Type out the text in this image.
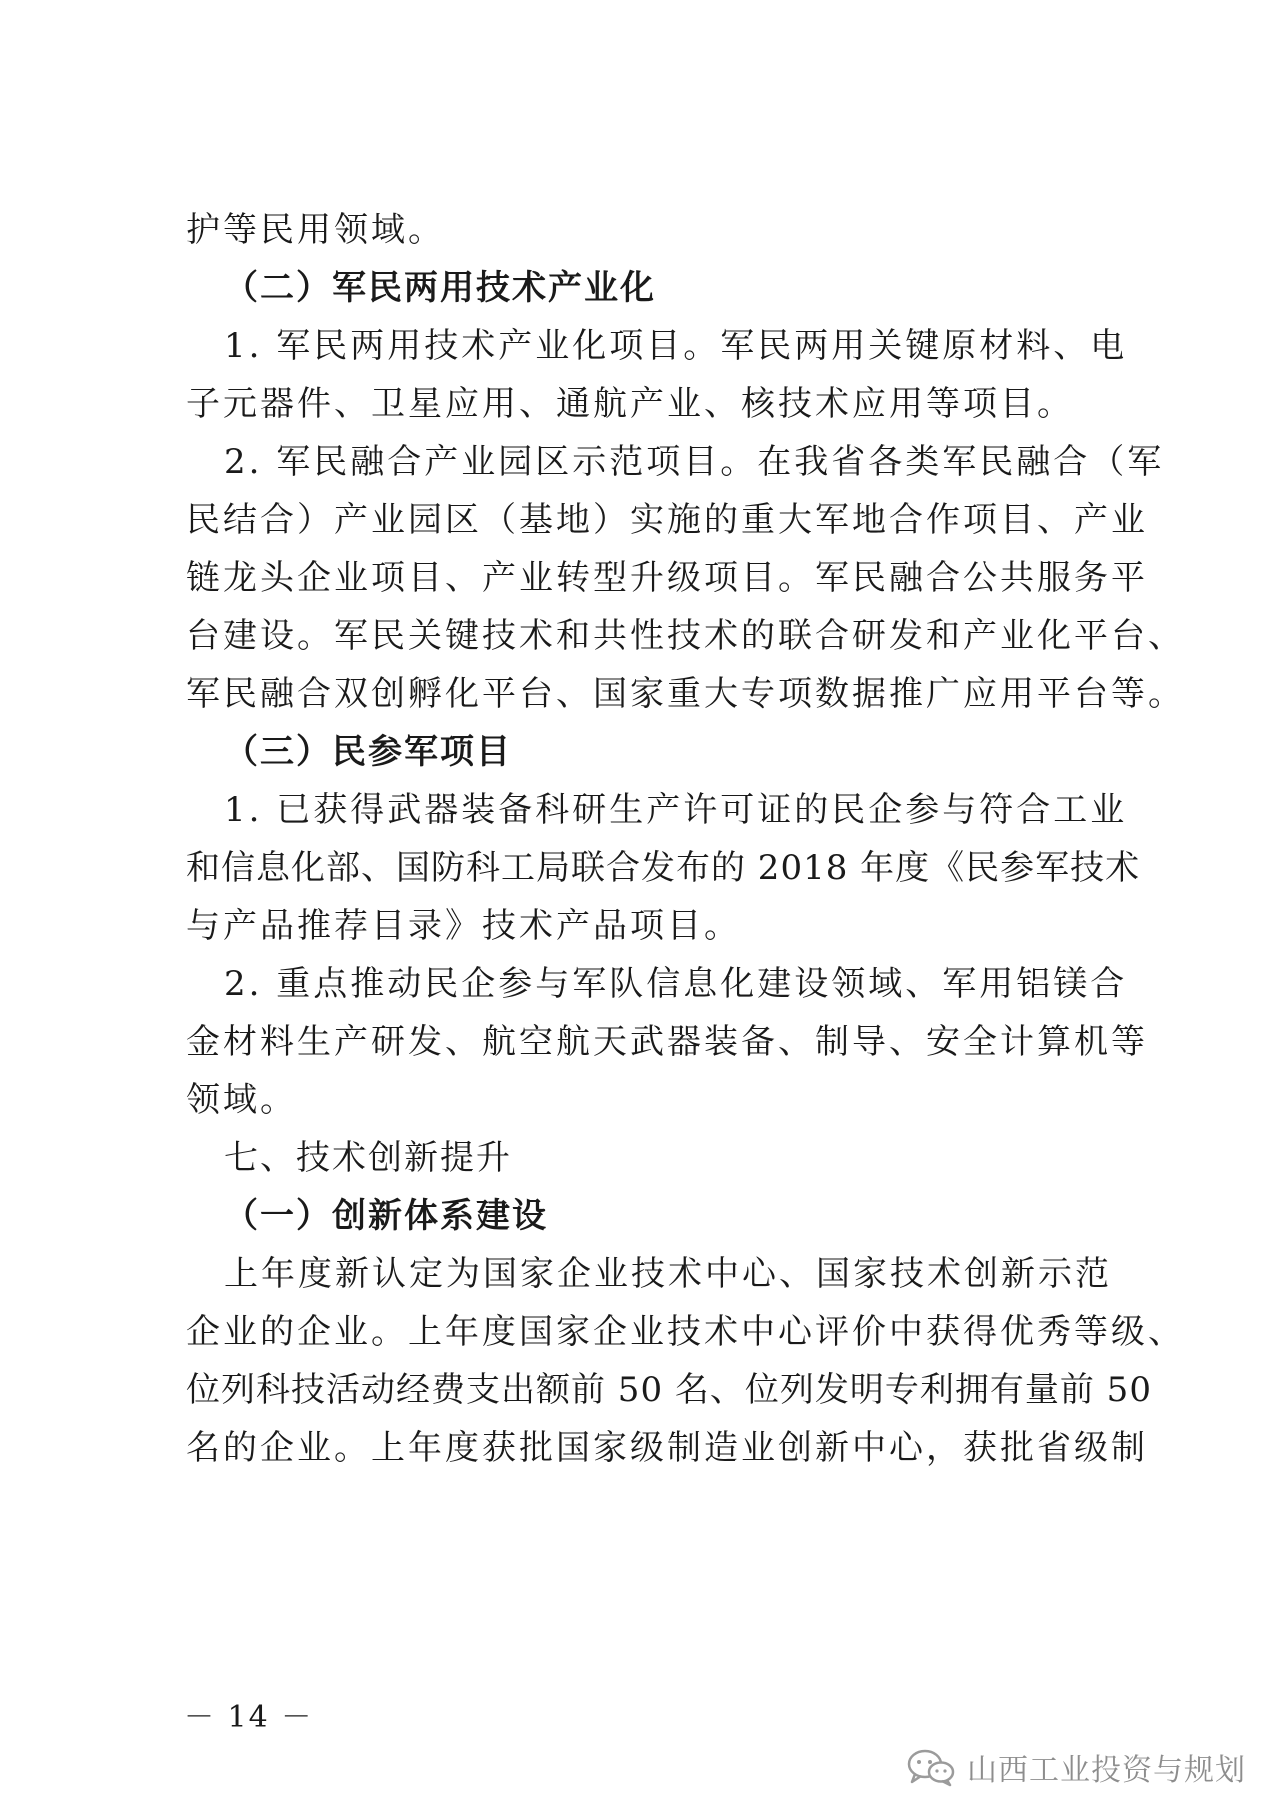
护等民用领域。
（二）军民两用技术产业化
1. 军民两用技术产业化项目。军民两用关键原材料、电
子元器件、卫星应用、通航产业、核技术应用等项目。
2. 军民融合产业园区示范项目。在我省各类军民融合（军
民结合）产业园区（基地）实施的重大军地合作项目、产业
链龙头企业项目、产业转型升级项目。军民融合公共服务平
台建设。军民关键技术和共性技术的联合研发和产业化平台、
军民融合双创孵化平台、国家重大专项数据推广应用平台等。
（三）民参军项目
1. 已获得武器装备科研生产许可证的民企参与符合工业
和信息化部、国防科工局联合发布的 2018 年度《民参军技术
与产品推荐目录》技术产品项目。
2. 重点推动民企参与军队信息化建设领域、军用铝镁合
金材料生产研发、航空航天武器装备、制导、安全计算机等
领域。
七、技术创新提升
（一）创新体系建设
上年度新认定为国家企业技术中心、国家技术创新示范
企业的企业。上年度国家企业技术中心评价中获得优秀等级、
位列科技活动经费支出额前 50 名、位列发明专利拥有量前 50
名的企业。上年度获批国家级制造业创新中心，获批省级制
－ 14 －
山西工业投资与规划
